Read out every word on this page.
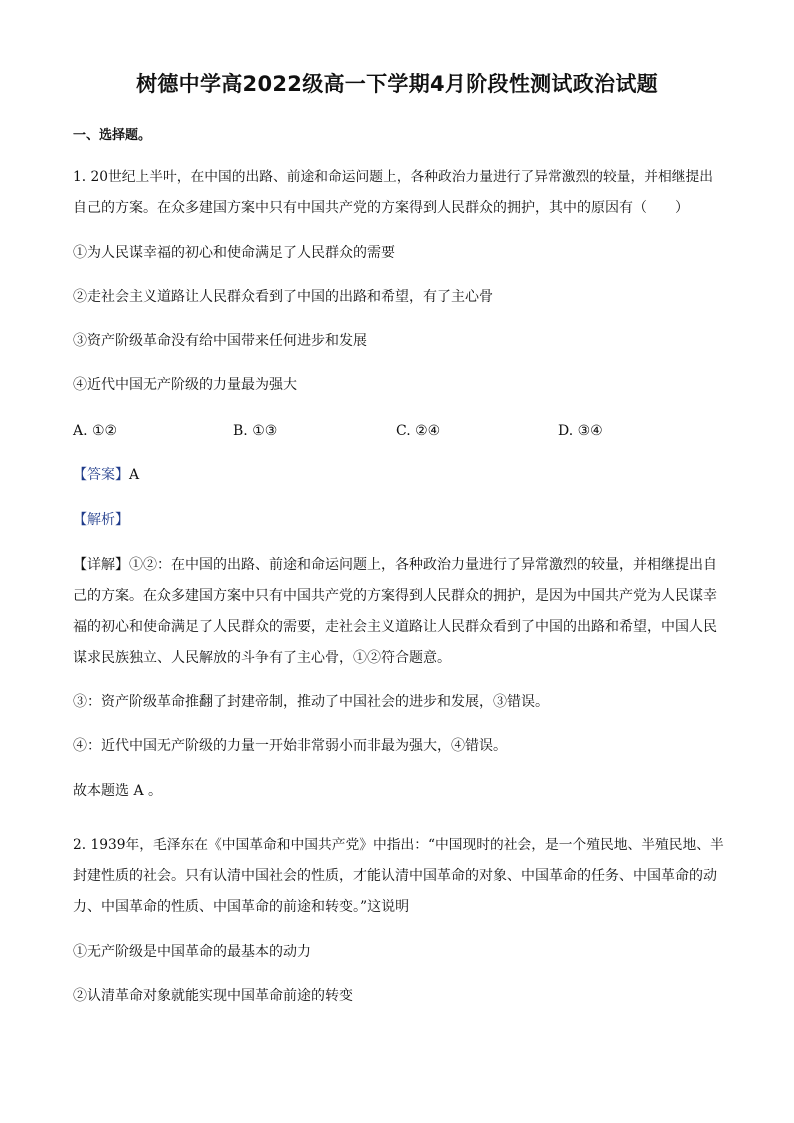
树德中学高2022级高一下学期4月阶段性测试政治试题
一、选择题。
1. 20世纪上半叶，在中国的出路、前途和命运问题上，各种政治力量进行了异常激烈的较量，并相继提出
自己的方案。在众多建国方案中只有中国共产党的方案得到人民群众的拥护，其中的原因有（　　）
①为人民谋幸福的初心和使命满足了人民群众的需要
②走社会主义道路让人民群众看到了中国的出路和希望，有了主心骨
③资产阶级革命没有给中国带来任何进步和发展
④近代中国无产阶级的力量最为强大
A. ①②	B. ①③	C. ②④	D. ③④
【答案】A
【解析】
【详解】①②：在中国的出路、前途和命运问题上，各种政治力量进行了异常激烈的较量，并相继提出自
己的方案。在众多建国方案中只有中国共产党的方案得到人民群众的拥护，是因为中国共产党为人民谋幸
福的初心和使命满足了人民群众的需要，走社会主义道路让人民群众看到了中国的出路和希望，中国人民
谋求民族独立、人民解放的斗争有了主心骨，①②符合题意。
③：资产阶级革命推翻了封建帝制，推动了中国社会的进步和发展，③错误。
④：近代中国无产阶级的力量一开始非常弱小而非最为强大，④错误。
故本题选 A 。
2. 1939年，毛泽东在《中国革命和中国共产党》中指出：“中国现时的社会，是一个殖民地、半殖民地、半
封建性质的社会。只有认清中国社会的性质，才能认清中国革命的对象、中国革命的任务、中国革命的动
力、中国革命的性质、中国革命的前途和转变。”这说明
①无产阶级是中国革命的最基本的动力
②认清革命对象就能实现中国革命前途的转变
